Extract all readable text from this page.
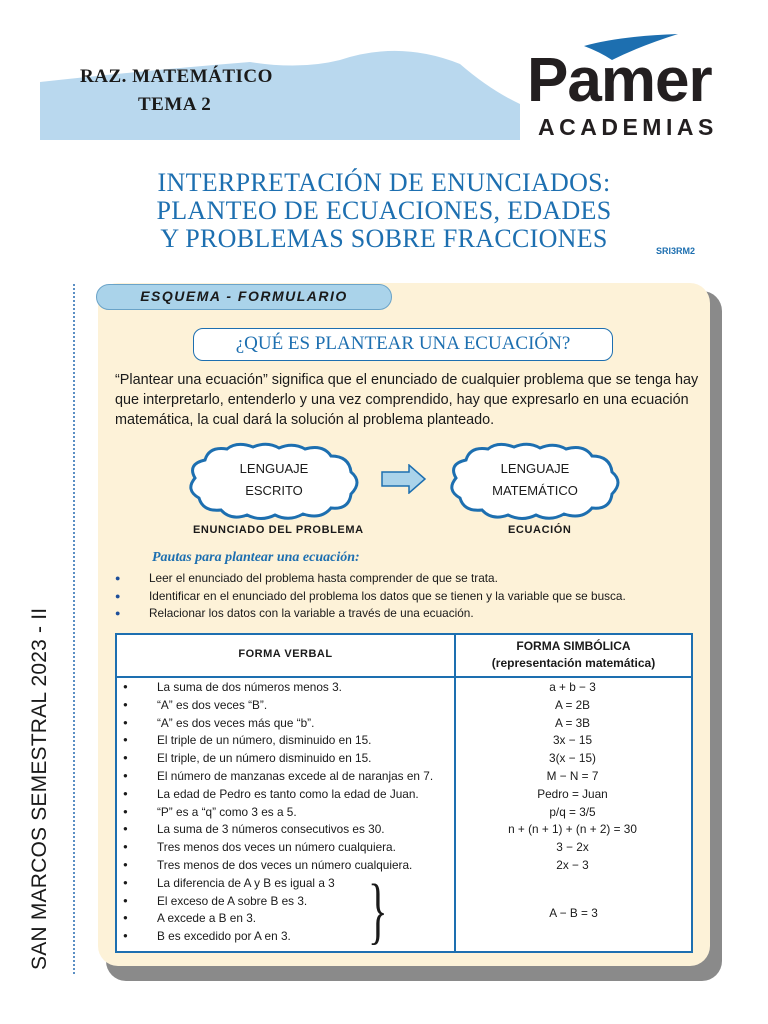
RAZ. MATEMÁTICO
TEMA 2	Pamer
ACADEMIAS
INTERPRETACIÓN DE ENUNCIADOS:
PLANTEO DE ECUACIONES, EDADES
Y PROBLEMAS SOBRE FRACCIONES	SRI3RM2
SAN MARCOS SEMESTRAL 2023 - II
ESQUEMA - FORMULARIO
¿QUÉ ES PLANTEAR UNA ECUACIÓN?
“Plantear una ecuación” significa que el enunciado de cualquier problema que se tenga hay que interpretarlo, entenderlo y una vez comprendido, hay que expresarlo en una ecuación matemática, la cual dará la solución al problema planteado.
LENGUAJE
ESCRITO
LENGUAJE
MATEMÁTICO
ENUNCIADO DEL PROBLEMA	ECUACIÓN
Pautas para plantear una ecuación:
● Leer el enunciado del problema hasta comprender de que se trata.
● Identificar en el enunciado del problema los datos que se tienen y la variable que se busca.
● Relacionar los datos con la variable a través de una ecuación.
FORMA VERBAL
FORMA SIMBÓLICA
(representación matemática)
● La suma de dos números menos 3.	a + b − 3
● “A” es dos veces “B”.	A = 2B
● “A” es dos veces más que “b”.	A = 3B
● El triple de un número, disminuido en 15.	3x − 15
● El triple, de un número disminuido en 15.	3(x − 15)
● El número de manzanas excede al de naranjas en 7.	M − N = 7
● La edad de Pedro es tanto como la edad de Juan.	Pedro = Juan
● “P” es a “q” como 3 es a 5.	p/q = 3/5
● La suma de 3 números consecutivos es 30.	n + (n + 1) + (n + 2) = 30
● Tres menos dos veces un número cualquiera.	3 − 2x
● Tres menos de dos veces un número cualquiera.	2x − 3
● La diferencia de A y B es igual a 3
● El exceso de A sobre B es 3.
● A excede a B en 3.
● B es excedido por A en 3. }	A − B = 3
